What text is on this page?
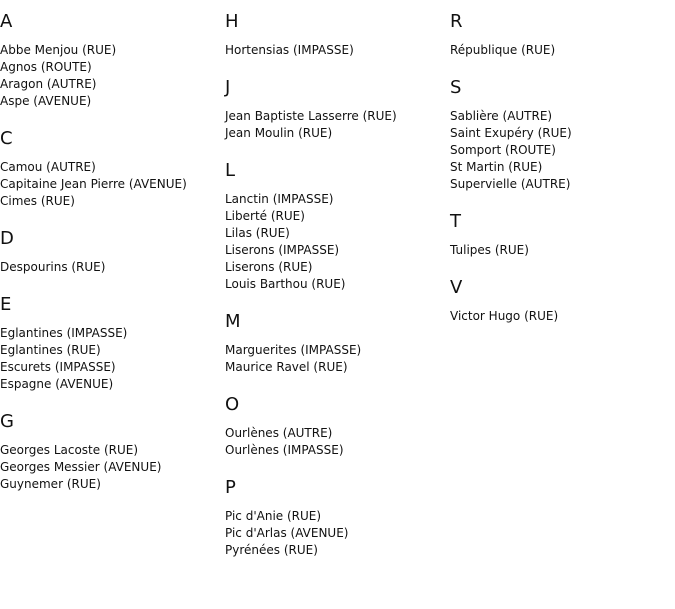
A
Abbe Menjou (RUE)
Agnos (ROUTE)
Aragon (AUTRE)
Aspe (AVENUE)
C
Camou (AUTRE)
Capitaine Jean Pierre (AVENUE)
Cimes (RUE)
D
Despourins (RUE)
E
Eglantines (IMPASSE)
Eglantines (RUE)
Escurets (IMPASSE)
Espagne (AVENUE)
G
Georges Lacoste (RUE)
Georges Messier (AVENUE)
Guynemer (RUE)
H
Hortensias (IMPASSE)
J
Jean Baptiste Lasserre (RUE)
Jean Moulin (RUE)
L
Lanctin (IMPASSE)
Liberté (RUE)
Lilas (RUE)
Liserons (IMPASSE)
Liserons (RUE)
Louis Barthou (RUE)
M
Marguerites (IMPASSE)
Maurice Ravel (RUE)
O
Ourlènes (AUTRE)
Ourlènes (IMPASSE)
P
Pic d'Anie (RUE)
Pic d'Arlas (AVENUE)
Pyrénées (RUE)
R
République (RUE)
S
Sablière (AUTRE)
Saint Exupéry (RUE)
Somport (ROUTE)
St Martin (RUE)
Supervielle (AUTRE)
T
Tulipes (RUE)
V
Victor Hugo (RUE)
